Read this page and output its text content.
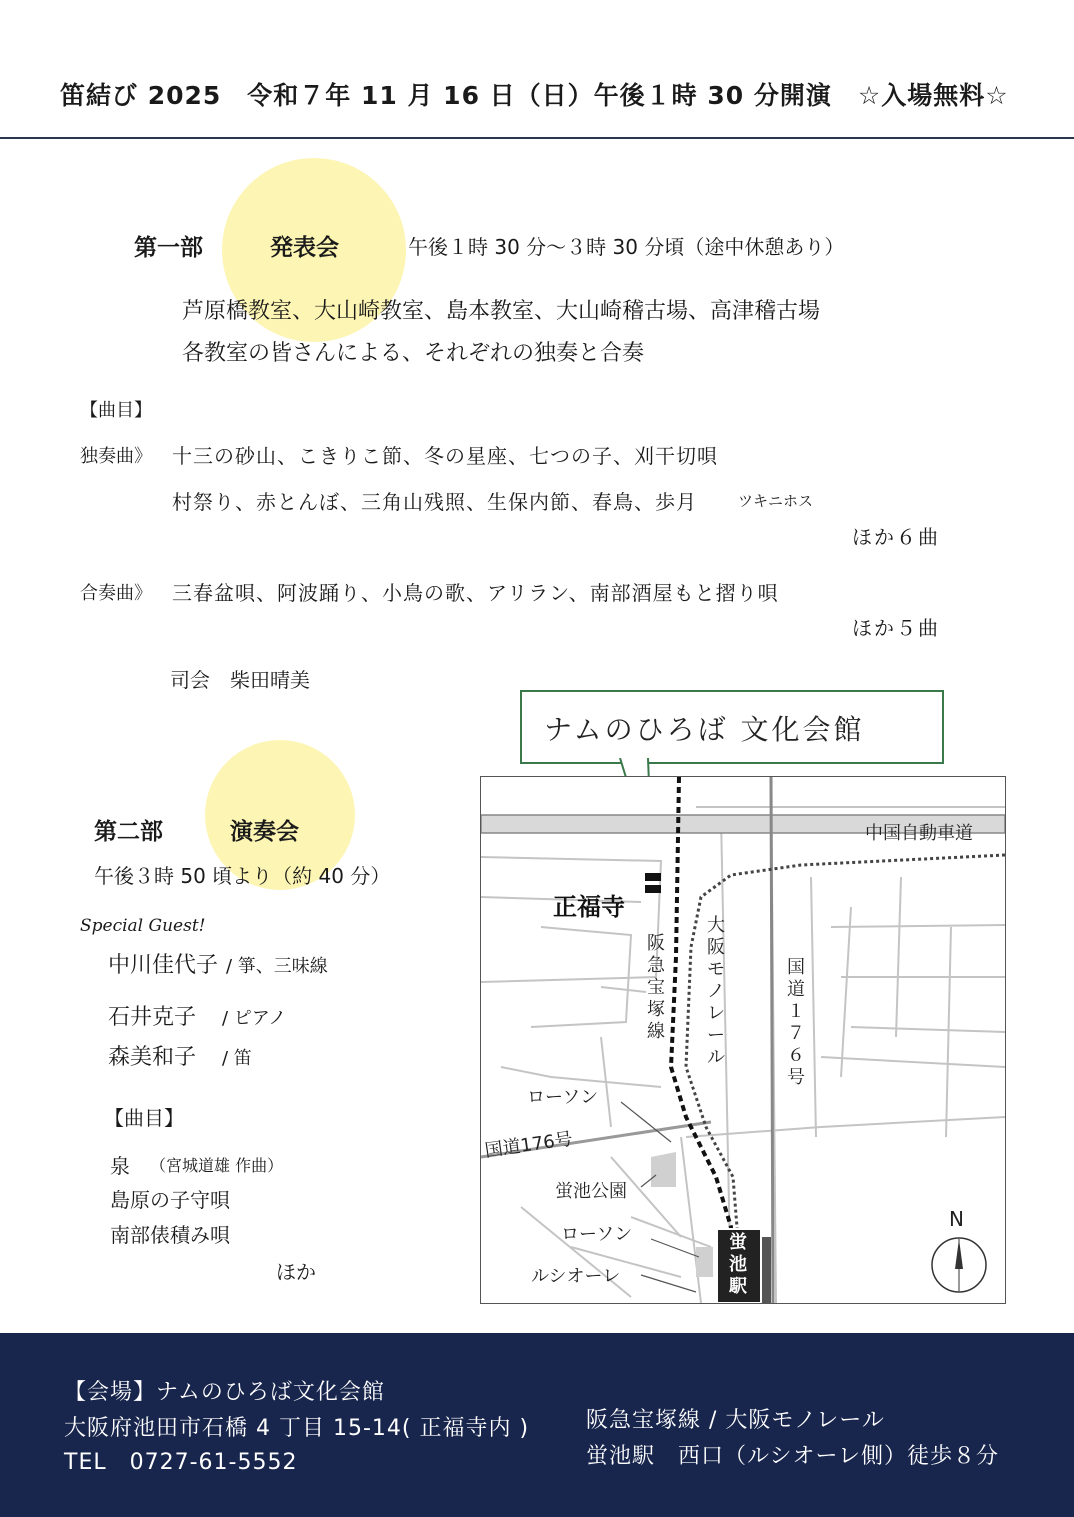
笛結び 2025　令和７年 11 月 16 日（日）午後１時 30 分開演　☆入場無料☆
第一部	発表会	午後１時 30 分～３時 30 分頃（途中休憩あり）
芦原橋教室、大山崎教室、島本教室、大山崎稽古場、高津稽古場
各教室の皆さんによる、それぞれの独奏と合奏
【曲目】
独奏曲》 十三の砂山、こきりこ節、冬の星座、七つの子、刈干切唄
村祭り、赤とんぼ、三角山残照、生保内節、春鳥、歩月	ツキニホス
ほか６曲
合奏曲》 三春盆唄、阿波踊り、小鳥の歌、アリラン、南部酒屋もと摺り唄
ほか５曲
司会　柴田晴美
第二部	演奏会
午後３時 50 頃より（約 40 分）
Special Guest!
中川佳代子 / 箏、三味線
石井克子 / ピアノ
森美和子 / 笛
【曲目】
泉 （宮城道雄 作曲）
島原の子守唄
南部俵積み唄
ほか
ナムのひろば 文化会館
中国自動車道
正福寺
阪急宝塚線
大阪モノレール
国道１７６号
ローソン
国道176号
蛍池公園
ローソン
ルシオーレ
蛍池駅
N
【会場】ナムのひろば文化会館
大阪府池田市石橋 4 丁目 15-14( 正福寺内 )
TEL　0727-61-5552
阪急宝塚線 / 大阪モノレール
蛍池駅　西口（ルシオーレ側）徒歩８分
